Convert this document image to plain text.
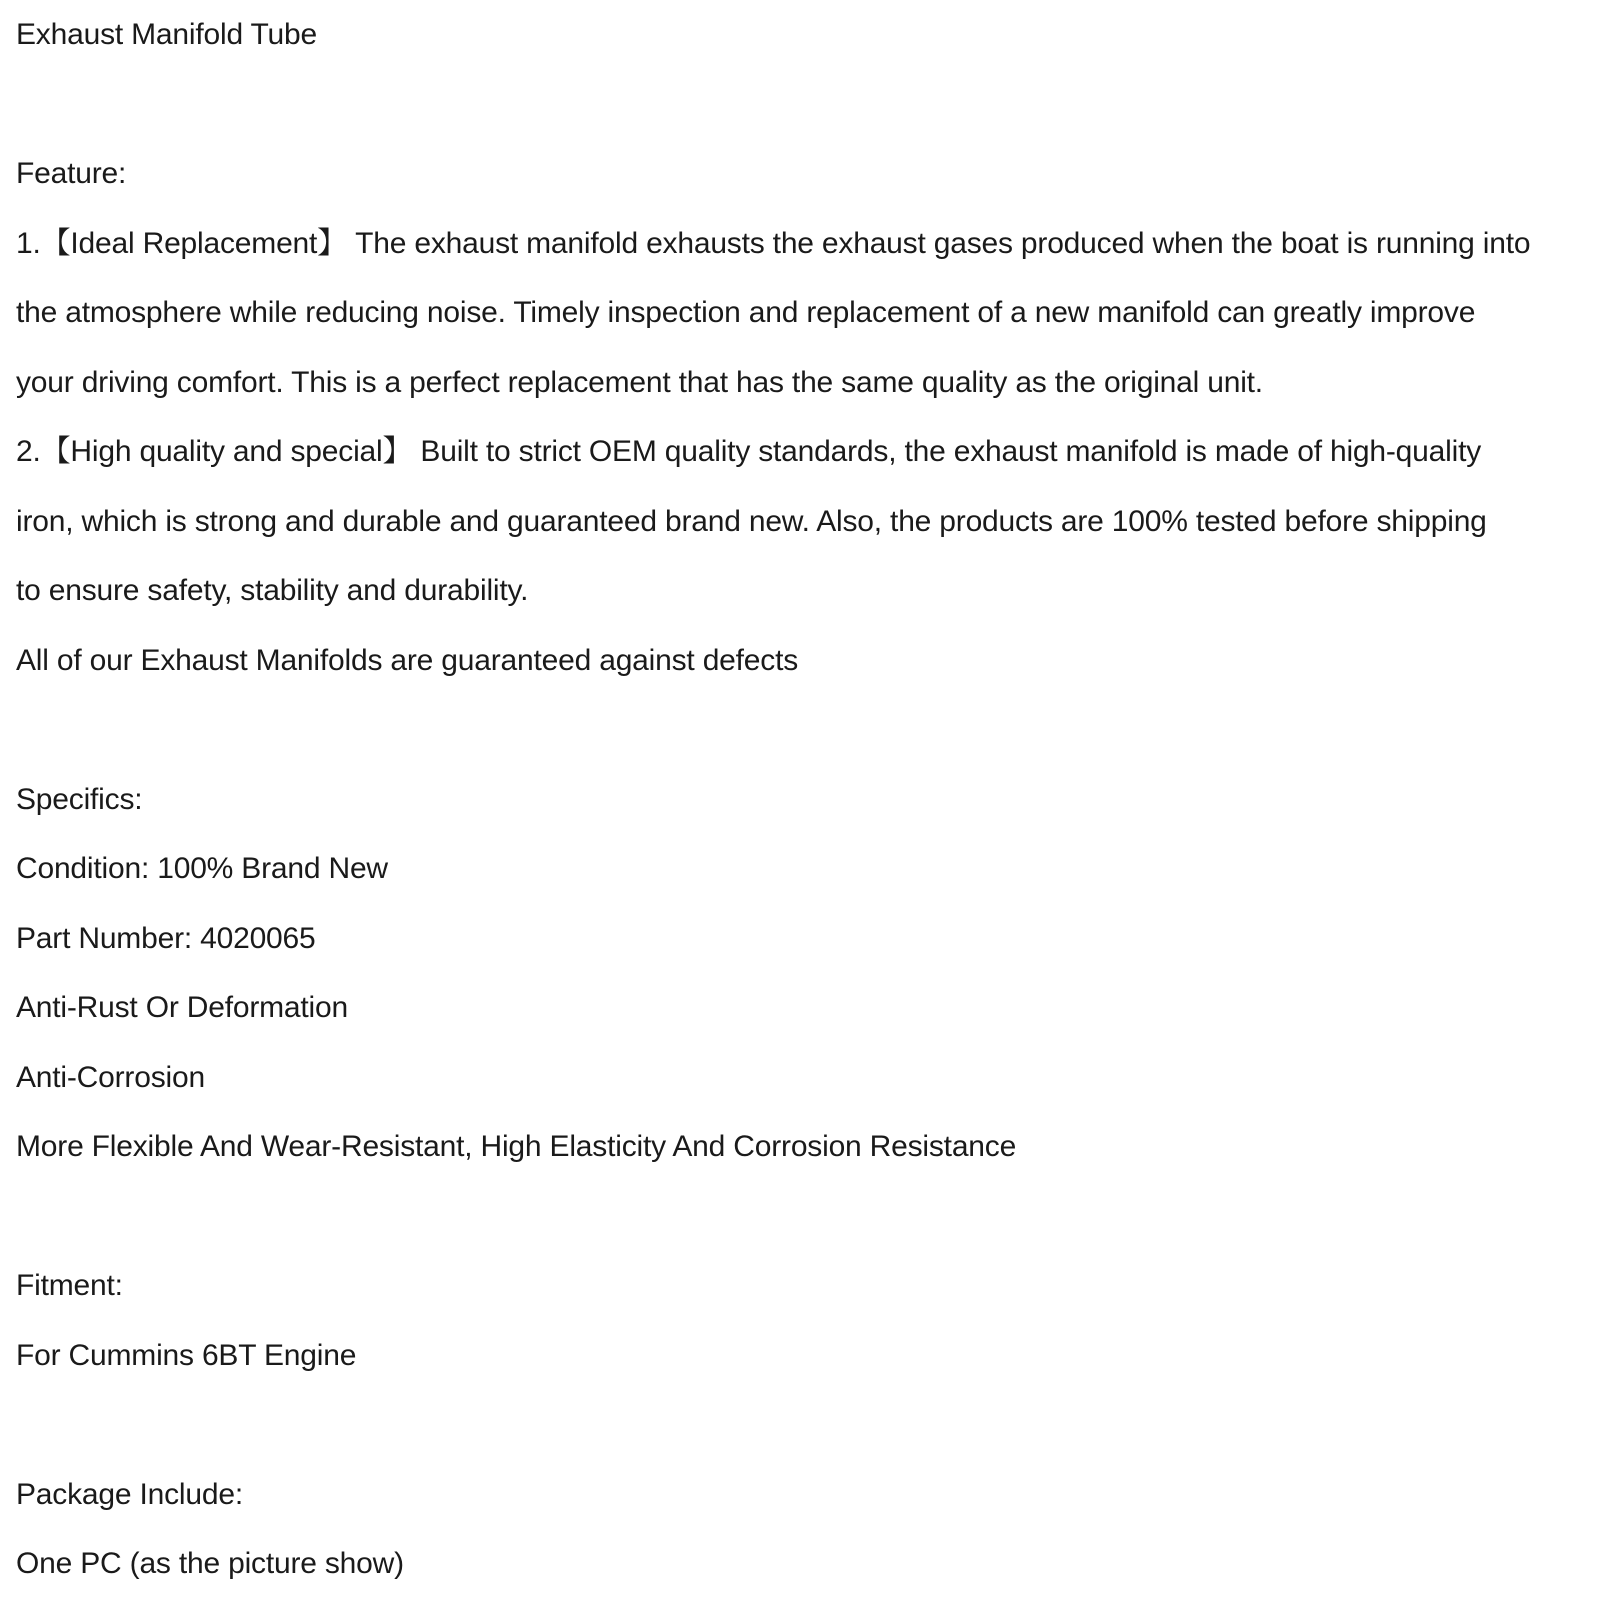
Exhaust Manifold Tube
Feature:
1.【Ideal Replacement】 The exhaust manifold exhausts the exhaust gases produced when the boat is running into
the atmosphere while reducing noise. Timely inspection and replacement of a new manifold can greatly improve
your driving comfort. This is a perfect replacement that has the same quality as the original unit.
2.【High quality and special】 Built to strict OEM quality standards, the exhaust manifold is made of high-quality
iron, which is strong and durable and guaranteed brand new. Also, the products are 100% tested before shipping
to ensure safety, stability and durability.
All of our Exhaust Manifolds are guaranteed against defects
Specifics:
Condition: 100% Brand New
Part Number: 4020065
Anti-Rust Or Deformation
Anti-Corrosion
More Flexible And Wear-Resistant, High Elasticity And Corrosion Resistance
Fitment:
For Cummins 6BT Engine
Package Include:
One PC (as the picture show)
